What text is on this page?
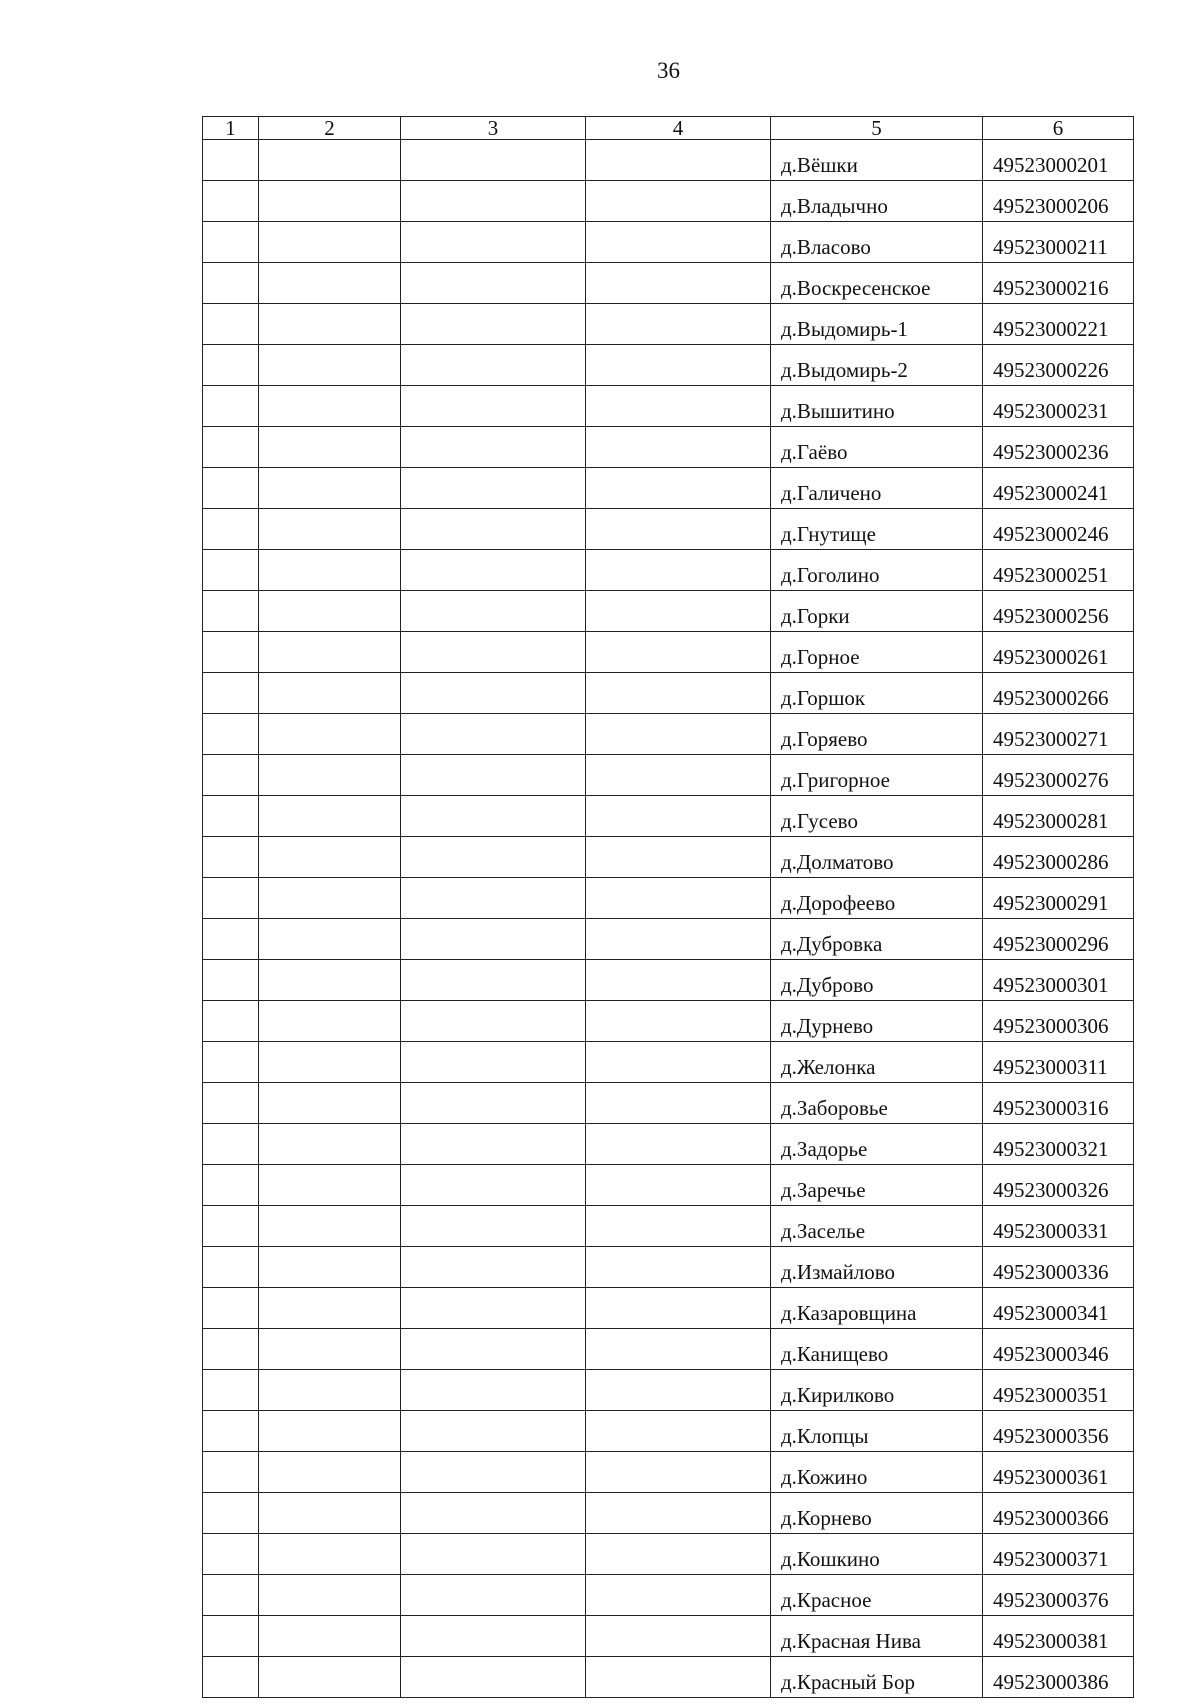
36
1	2	3	4	5	6
				д.Вёшки	49523000201
				д.Владычно	49523000206
				д.Власово	49523000211
				д.Воскресенское	49523000216
				д.Выдомирь-1	49523000221
				д.Выдомирь-2	49523000226
				д.Вышитино	49523000231
				д.Гаёво	49523000236
				д.Галичено	49523000241
				д.Гнутище	49523000246
				д.Гоголино	49523000251
				д.Горки	49523000256
				д.Горное	49523000261
				д.Горшок	49523000266
				д.Горяево	49523000271
				д.Григорное	49523000276
				д.Гусево	49523000281
				д.Долматово	49523000286
				д.Дорофеево	49523000291
				д.Дубровка	49523000296
				д.Дуброво	49523000301
				д.Дурнево	49523000306
				д.Желонка	49523000311
				д.Заборовье	49523000316
				д.Задорье	49523000321
				д.Заречье	49523000326
				д.Заселье	49523000331
				д.Измайлово	49523000336
				д.Казаровщина	49523000341
				д.Канищево	49523000346
				д.Кирилково	49523000351
				д.Клопцы	49523000356
				д.Кожино	49523000361
				д.Корнево	49523000366
				д.Кошкино	49523000371
				д.Красное	49523000376
				д.Красная Нива	49523000381
				д.Красный Бор	49523000386
